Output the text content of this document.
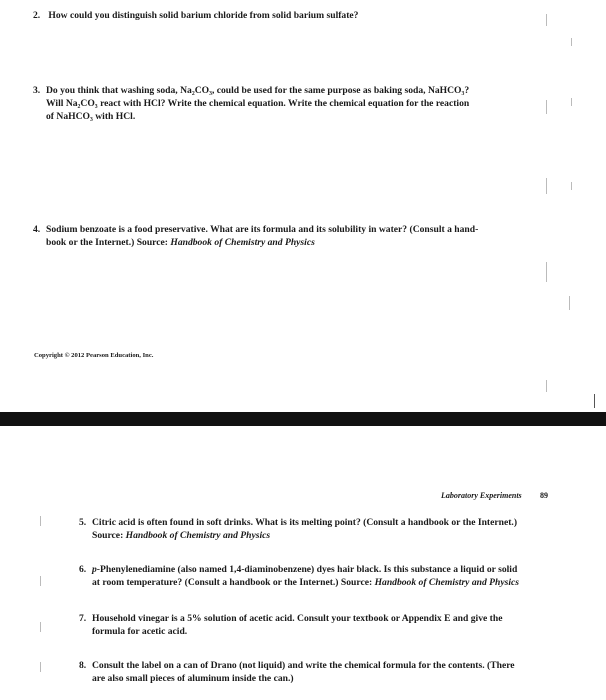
2. How could you distinguish solid barium chloride from solid barium sulfate?
3. Do you think that washing soda, Na₂CO₃, could be used for the same purpose as baking soda, NaHCO₃?
Will Na₂CO₃ react with HCl? Write the chemical equation. Write the chemical equation for the reaction
of NaHCO₃ with HCl.
4. Sodium benzoate is a food preservative. What are its formula and its solubility in water? (Consult a hand-
book or the Internet.) Source: Handbook of Chemistry and Physics
Copyright © 2012 Pearson Education, Inc.
Laboratory Experiments 89
5. Citric acid is often found in soft drinks. What is its melting point? (Consult a handbook or the Internet.)
Source: Handbook of Chemistry and Physics
6. p-Phenylenediamine (also named 1,4-diaminobenzene) dyes hair black. Is this substance a liquid or solid
at room temperature? (Consult a handbook or the Internet.) Source: Handbook of Chemistry and Physics
7. Household vinegar is a 5% solution of acetic acid. Consult your textbook or Appendix E and give the
formula for acetic acid.
8. Consult the label on a can of Drano (not liquid) and write the chemical formula for the contents. (There
are also small pieces of aluminum inside the can.)
